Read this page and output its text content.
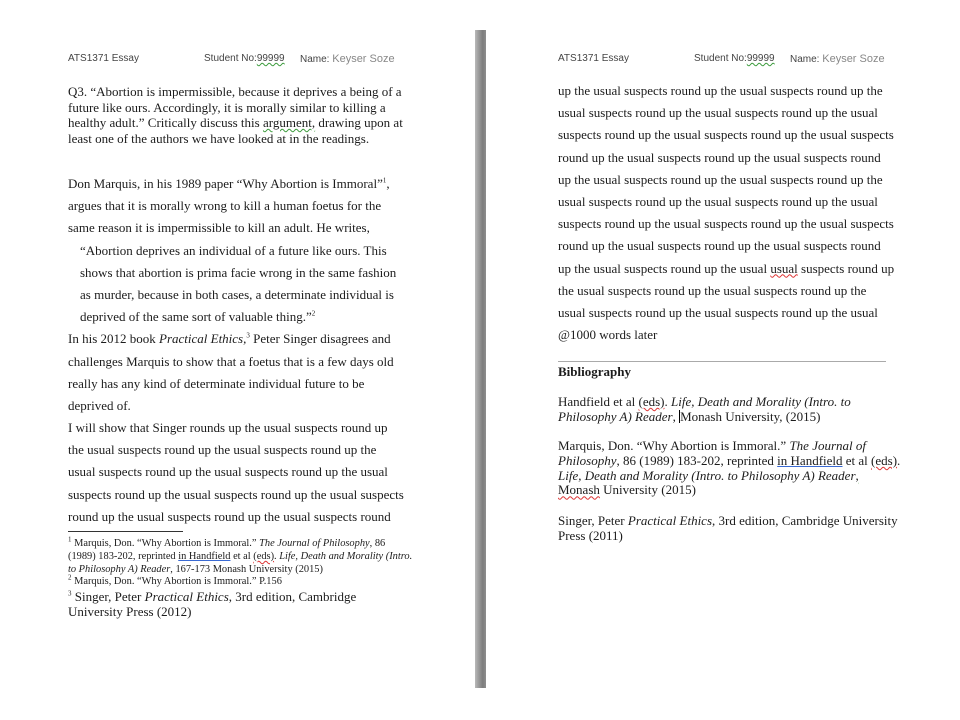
ATS1371 Essay	Student No:99999 Name: Keyser Soze
Q3. “Abortion is impermissible, because it deprives a being of a future like ours. Accordingly, it is morally similar to killing a healthy adult.” Critically discuss this argument, drawing upon at least one of the authors we have looked at in the readings.
Don Marquis, in his 1989 paper “Why Abortion is Immoral”$^1$,
argues that it is morally wrong to kill a human foetus for the
same reason it is impermissible to kill an adult. He writes,
“Abortion deprives an individual of a future like ours. This
shows that abortion is prima facie wrong in the same fashion
as murder, because in both cases, a determinate individual is
deprived of the same sort of valuable thing.”$^2$
In his 2012 book Practical Ethics,$^3$ Peter Singer disagrees and
challenges Marquis to show that a foetus that is a few days old
really has any kind of determinate individual future to be
deprived of.
I will show that Singer rounds up the usual suspects round up
the usual suspects round up the usual suspects round up the
usual suspects round up the usual suspects round up the usual
suspects round up the usual suspects round up the usual suspects
round up the usual suspects round up the usual suspects round

$^1$ Marquis, Don. “Why Abortion is Immoral.” The Journal of Philosophy, 86 (1989) 183-202, reprinted in Handfield et al (eds). Life, Death and Morality (Intro. to Philosophy A) Reader, 167-173 Monash University (2015)

$^2$ Marquis, Don. “Why Abortion is Immoral.” P.156

$^3$ Singer, Peter Practical Ethics, 3rd edition, Cambridge University Press (2012)

ATS1371 Essay	Student No:99999 Name: Keyser Soze
up the usual suspects round up the usual suspects round up the
usual suspects round up the usual suspects round up the usual
suspects round up the usual suspects round up the usual suspects
round up the usual suspects round up the usual suspects round
up the usual suspects round up the usual suspects round up the
usual suspects round up the usual suspects round up the usual
suspects round up the usual suspects round up the usual suspects
round up the usual suspects round up the usual suspects round
up the usual suspects round up the usual usual suspects round up
the usual suspects round up the usual suspects round up the
usual suspects round up the usual suspects round up the usual
@1000 words later
Bibliography

Handfield et al (eds). Life, Death and Morality (Intro. to Philosophy A) Reader, Monash University, (2015)

Marquis, Don. “Why Abortion is Immoral.” The Journal of Philosophy, 86 (1989) 183-202, reprinted in Handfield et al (eds). Life, Death and Morality (Intro. to Philosophy A) Reader, Monash University (2015)

Singer, Peter Practical Ethics, 3rd edition, Cambridge University Press (2011)
